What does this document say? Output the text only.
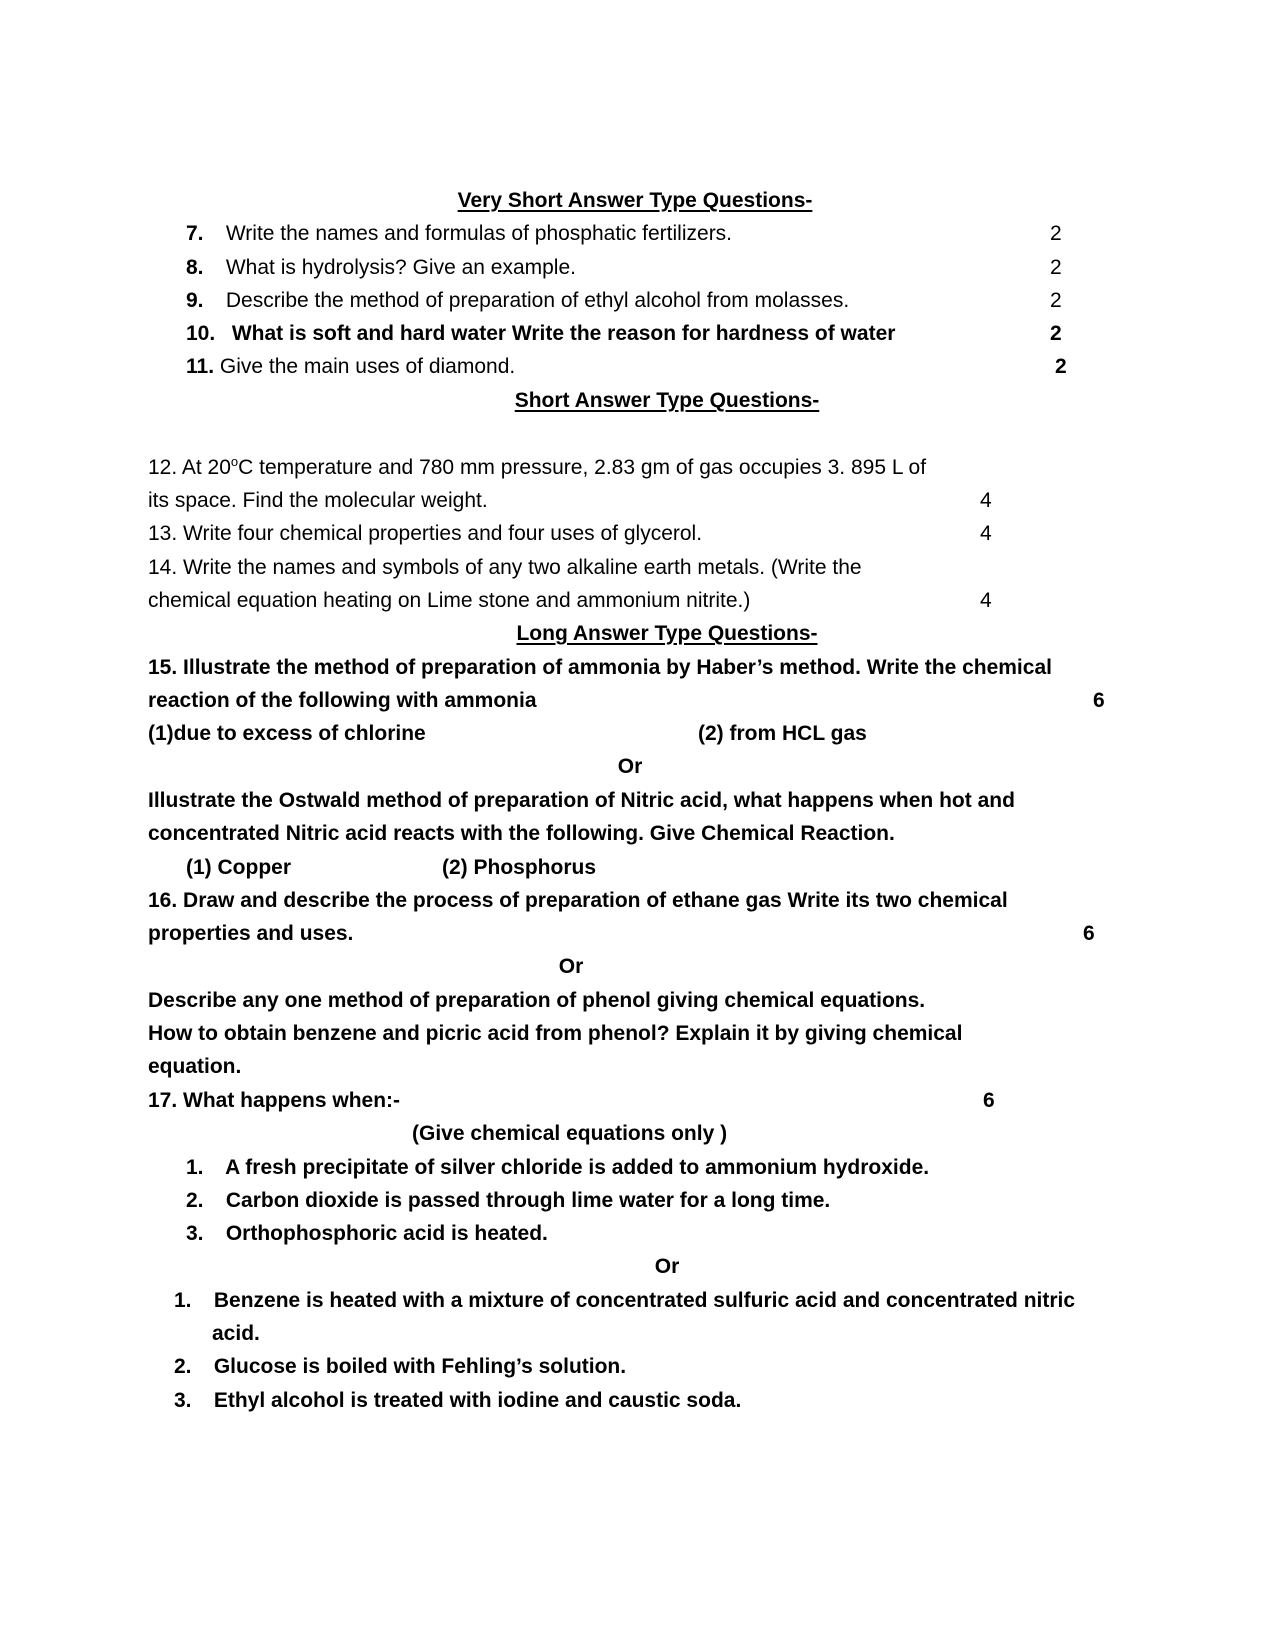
Very Short Answer Type Questions-
7. Write the names and formulas of phosphatic fertilizers.	2
8. What is hydrolysis? Give an example.	2
9. Describe the method of preparation of ethyl alcohol from molasses.	2
10. What is soft and hard water Write the reason for hardness of water	2
11. Give the main uses of diamond.	2
Short Answer Type Questions-
12. At 20$^o$C temperature and 780 mm pressure, 2.83 gm of gas occupies 3. 895 L of
its space. Find the molecular weight.	4
13. Write four chemical properties and four uses of glycerol.	4
14. Write the names and symbols of any two alkaline earth metals. (Write the
chemical equation heating on Lime stone and ammonium nitrite.)	4
Long Answer Type Questions-
15. Illustrate the method of preparation of ammonia by Haber’s method. Write the chemical
reaction of the following with ammonia	6
(1)due to excess of chlorine	(2) from HCL gas
Or
Illustrate the Ostwald method of preparation of Nitric acid, what happens when hot and
concentrated Nitric acid reacts with the following. Give Chemical Reaction.
(1) Copper	(2) Phosphorus
16. Draw and describe the process of preparation of ethane gas Write its two chemical
properties and uses.	6
Or
Describe any one method of preparation of phenol giving chemical equations.
How to obtain benzene and picric acid from phenol? Explain it by giving chemical
equation.
17. What happens when:-	6
(Give chemical equations only )
1. A fresh precipitate of silver chloride is added to ammonium hydroxide.
2. Carbon dioxide is passed through lime water for a long time.
3. Orthophosphoric acid is heated.
Or
1. Benzene is heated with a mixture of concentrated sulfuric acid and concentrated nitric
acid.
2. Glucose is boiled with Fehling’s solution.
3. Ethyl alcohol is treated with iodine and caustic soda.
